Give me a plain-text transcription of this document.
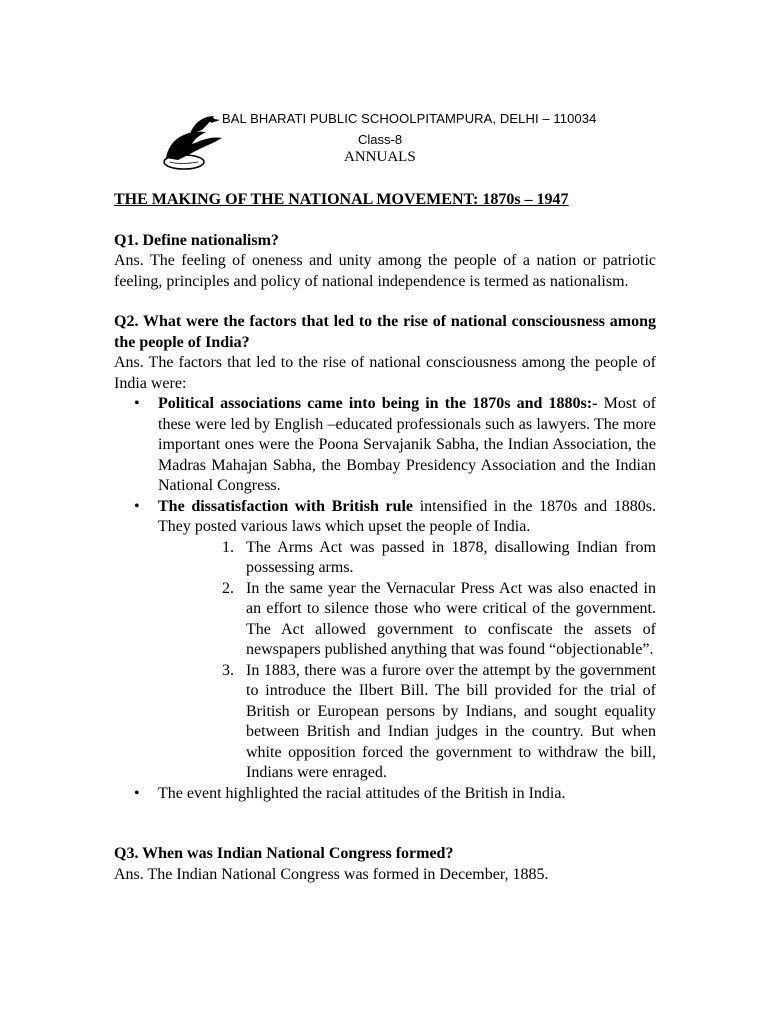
BAL BHARATI PUBLIC SCHOOLPITAMPURA, DELHI – 110034
Class-8
ANNUALS

THE MAKING OF THE NATIONAL MOVEMENT: 1870s – 1947

Q1. Define nationalism?

Ans. The feeling of oneness and unity among the people of a nation or patriotic feeling, principles and policy of national independence is termed as nationalism.

Q2. What were the factors that led to the rise of national consciousness among the people of India?

Ans. The factors that led to the rise of national consciousness among the people of India were:

• Political associations came into being in the 1870s and 1880s:- Most of these were led by English –educated professionals such as lawyers. The more important ones were the Poona Servajanik Sabha, the Indian Association, the Madras Mahajan Sabha, the Bombay Presidency Association and the Indian National Congress.
• The dissatisfaction with British rule intensified in the 1870s and 1880s. They posted various laws which upset the people of India.
1. The Arms Act was passed in 1878, disallowing Indian from possessing arms.
2. In the same year the Vernacular Press Act was also enacted in an effort to silence those who were critical of the government. The Act allowed government to confiscate the assets of newspapers published anything that was found “objectionable”.
3. In 1883, there was a furore over the attempt by the government to introduce the Ilbert Bill. The bill provided for the trial of British or European persons by Indians, and sought equality between British and Indian judges in the country. But when white opposition forced the government to withdraw the bill, Indians were enraged.
• The event highlighted the racial attitudes of the British in India.

Q3. When was Indian National Congress formed?

Ans. The Indian National Congress was formed in December, 1885.
